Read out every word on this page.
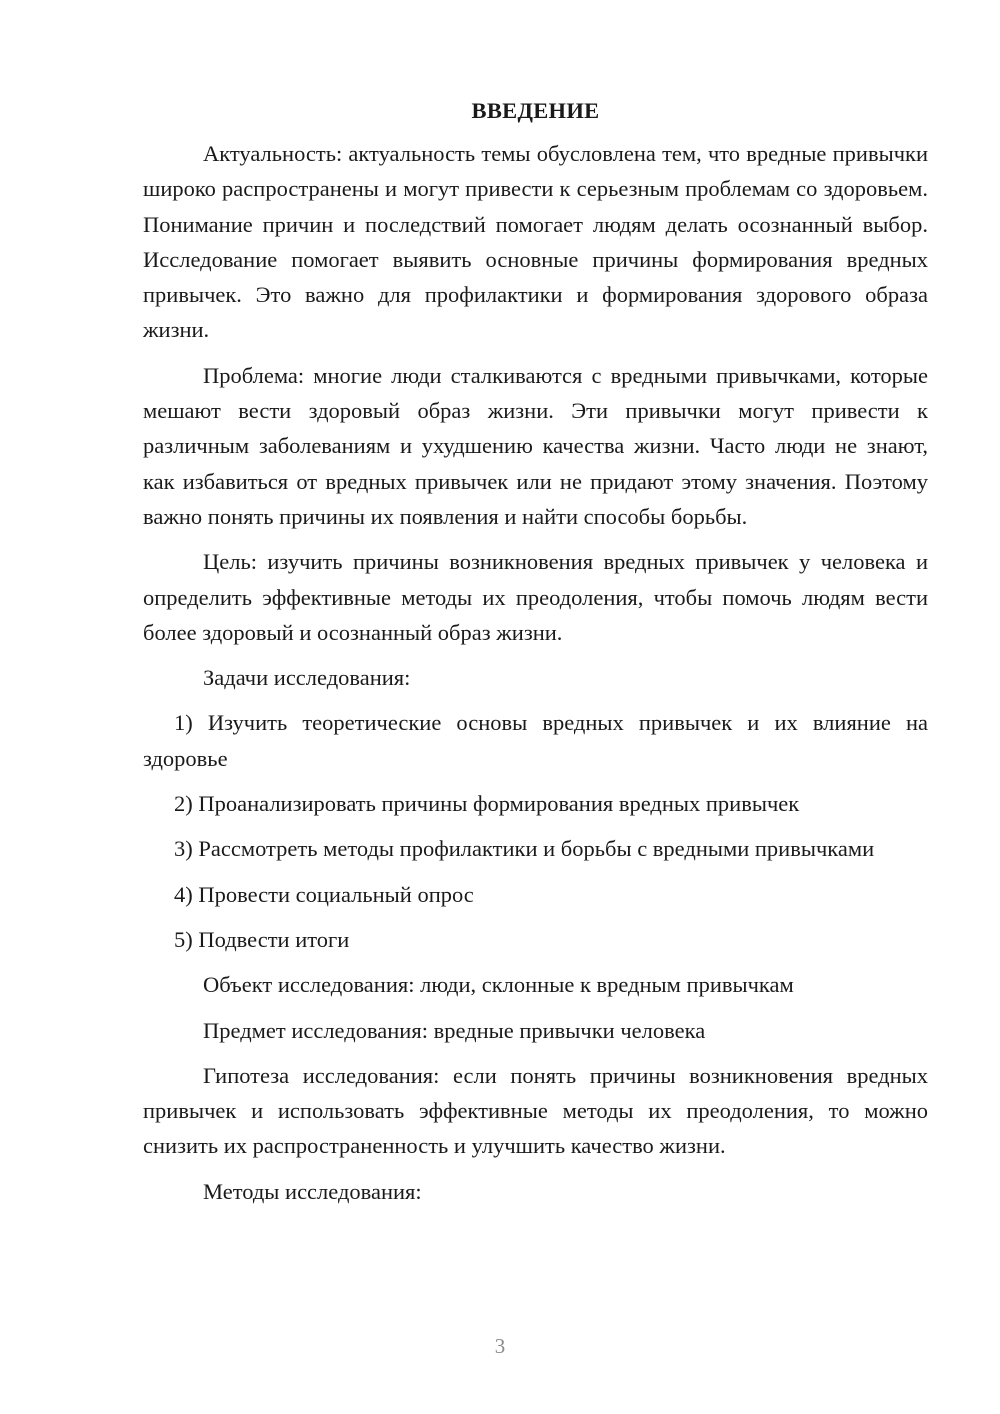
ВВЕДЕНИЕ

Актуальность: актуальность темы обусловлена тем, что вредные привычки широко распространены и могут привести к серьезным проблемам со здоровьем. Понимание причин и последствий помогает людям делать осознанный выбор. Исследование помогает выявить основные причины формирования вредных привычек. Это важно для профилактики и формирования здорового образа жизни.

Проблема: многие люди сталкиваются с вредными привычками, которые мешают вести здоровый образ жизни. Эти привычки могут привести к различным заболеваниям и ухудшению качества жизни. Часто люди не знают, как избавиться от вредных привычек или не придают этому значения. Поэтому важно понять причины их появления и найти способы борьбы.

Цель: изучить причины возникновения вредных привычек у человека и определить эффективные методы их преодоления, чтобы помочь людям вести более здоровый и осознанный образ жизни.

Задачи исследования:

1) Изучить теоретические основы вредных привычек и их влияние на здоровье

2) Проанализировать причины формирования вредных привычек

3) Рассмотреть методы профилактики и борьбы с вредными привычками

4) Провести социальный опрос

5) Подвести итоги

Объект исследования: люди, склонные к вредным привычкам

Предмет исследования: вредные привычки человека

Гипотеза исследования: если понять причины возникновения вредных привычек и использовать эффективные методы их преодоления, то можно снизить их распространенность и улучшить качество жизни.

Методы исследования:

3
